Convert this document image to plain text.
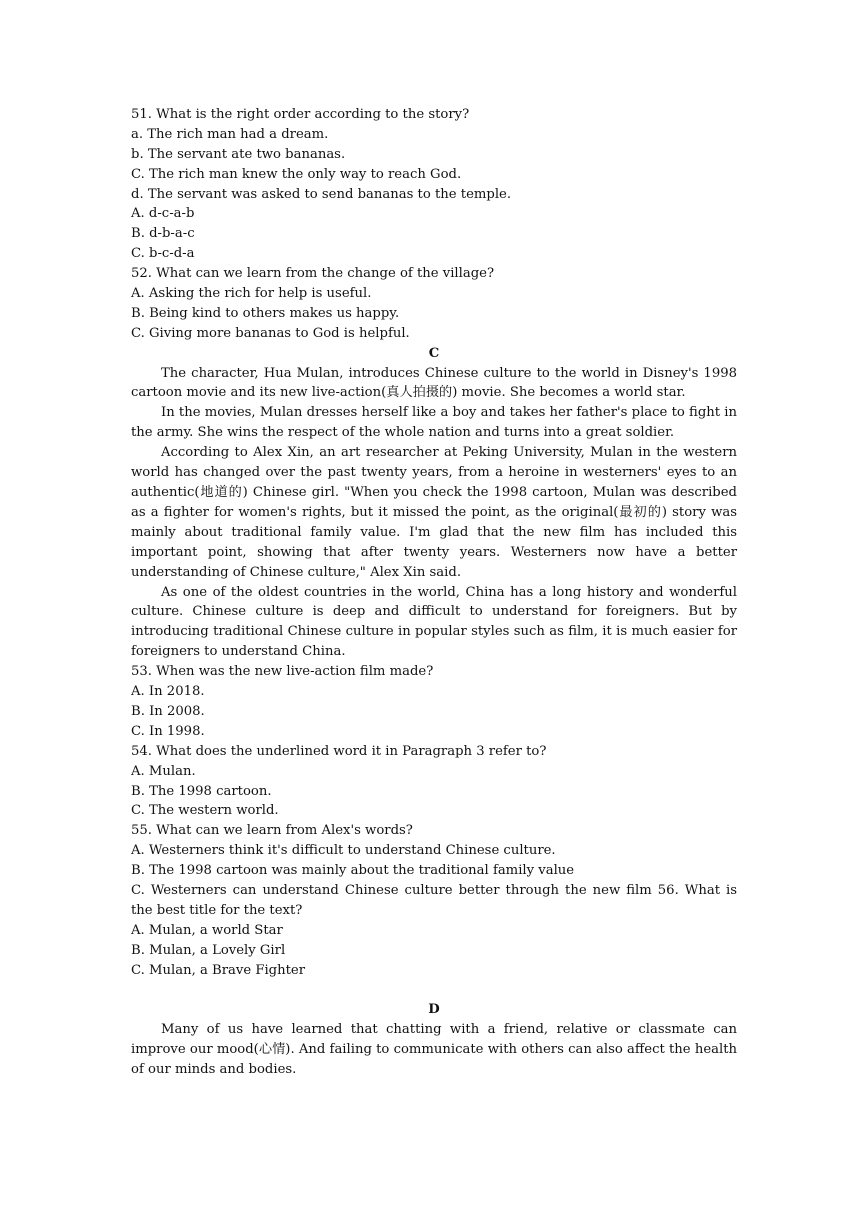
51. What is the right order according to the story?
a. The rich man had a dream.
b. The servant ate two bananas.
C. The rich man knew the only way to reach God.
d. The servant was asked to send bananas to the temple.
A. d-c-a-b
B. d-b-a-c
C. b-c-d-a
52. What can we learn from the change of the village?
A. Asking the rich for help is useful.
B. Being kind to others makes us happy.
C. Giving more bananas to God is helpful.
C

The character, Hua Mulan, introduces Chinese culture to the world in Disney's 1998 cartoon movie and its new live-action(真人拍摄的) movie. She becomes a world star.

In the movies, Mulan dresses herself like a boy and takes her father's place to fight in the army. She wins the respect of the whole nation and turns into a great soldier.

According to Alex Xin, an art researcher at Peking University, Mulan in the western world has changed over the past twenty years, from a heroine in westerners' eyes to an authentic(地道的) Chinese girl. "When you check the 1998 cartoon, Mulan was described as a fighter for women's rights, but it missed the point, as the original(最初的) story was mainly about traditional family value. I'm glad that the new film has included this important point, showing that after twenty years. Westerners now have a better understanding of Chinese culture," Alex Xin said.

As one of the oldest countries in the world, China has a long history and wonderful culture. Chinese culture is deep and difficult to understand for foreigners. But by introducing traditional Chinese culture in popular styles such as film, it is much easier for foreigners to understand China.

53. When was the new live-action film made?
A. In 2018.
B. In 2008.
C. In 1998.
54. What does the underlined word it in Paragraph 3 refer to?
A. Mulan.
B. The 1998 cartoon.
C. The western world.
55. What can we learn from Alex's words?
A. Westerners think it's difficult to understand Chinese culture.
B. The 1998 cartoon was mainly about the traditional family value

C. Westerners can understand Chinese culture better through the new film 56. What is the best title for the text?

A. Mulan, a world Star
B. Mulan, a Lovely Girl
C. Mulan, a Brave Fighter
D

Many of us have learned that chatting with a friend, relative or classmate can improve our mood(心情). And failing to communicate with others can also affect the health of our minds and bodies.
